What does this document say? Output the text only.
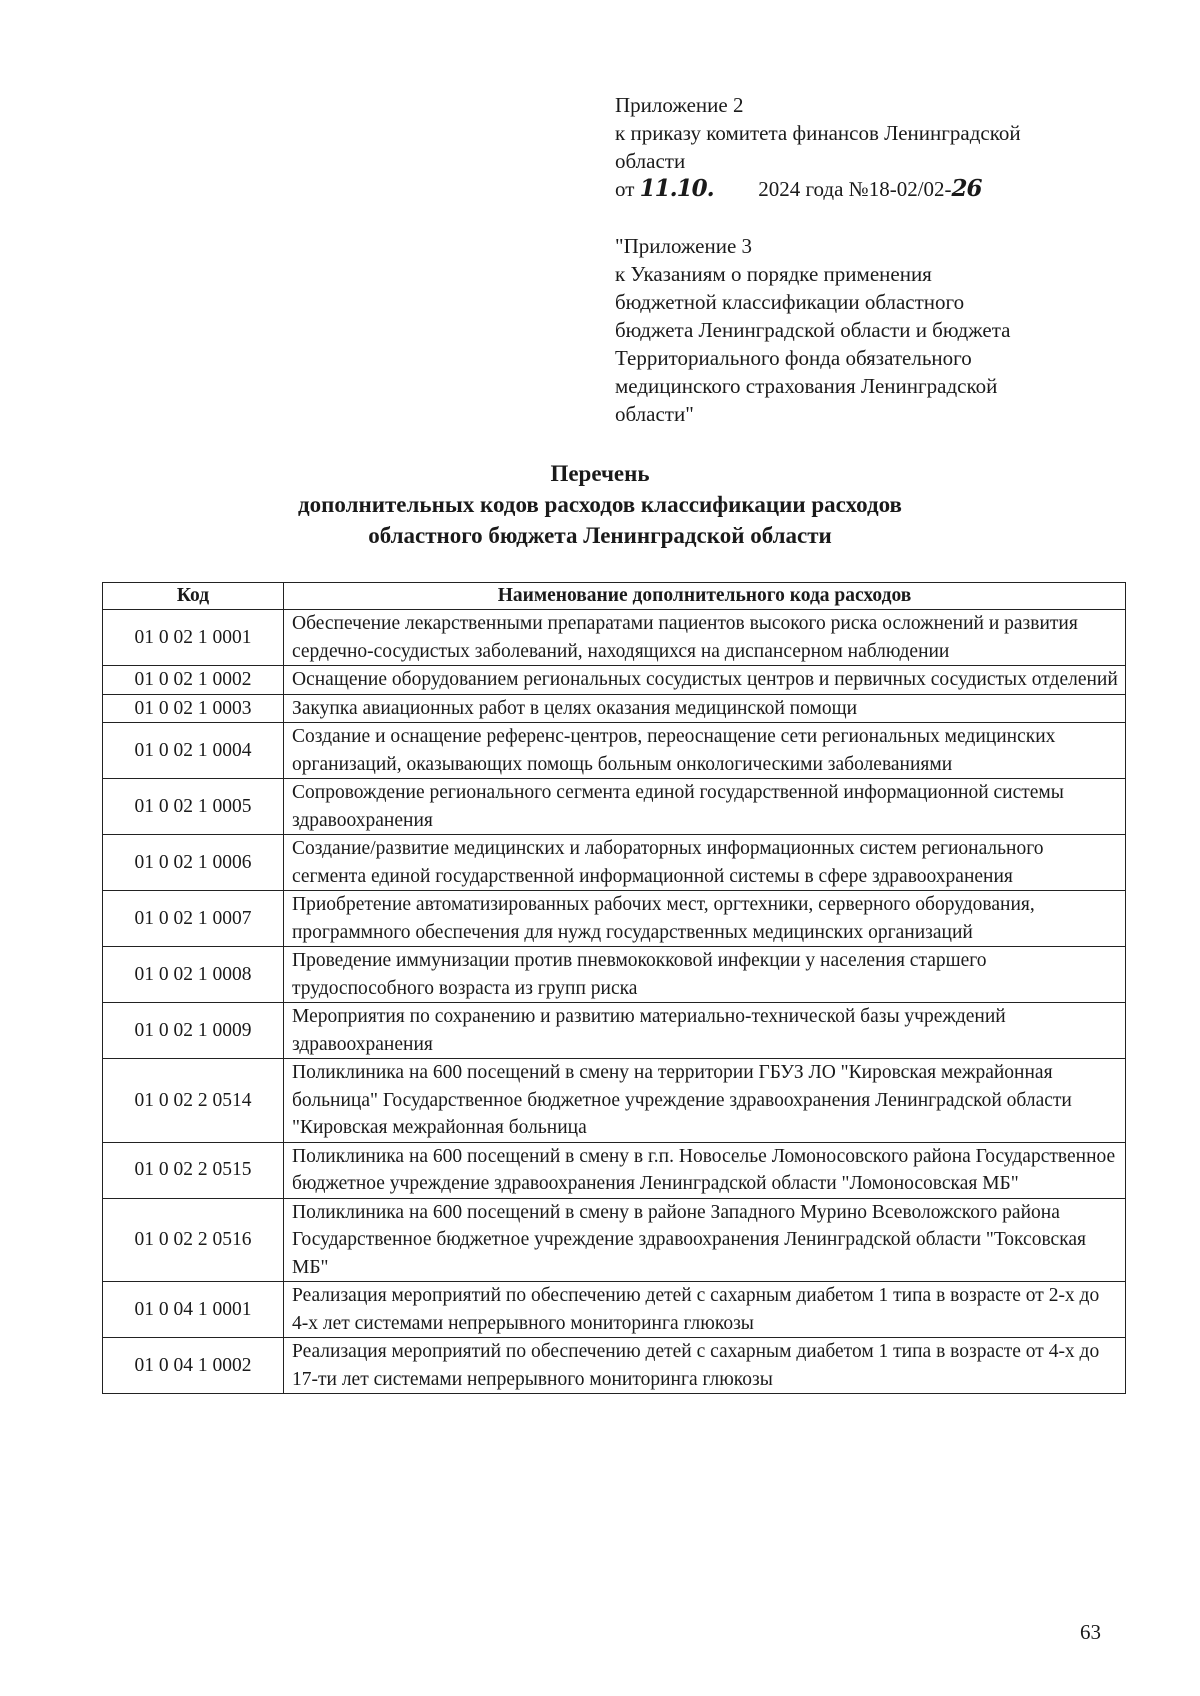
Приложение 2
к приказу комитета финансов Ленинградской
области
от 11.10. 2024 года №18-02/02-26
"Приложение 3
к Указаниям о порядке применения
бюджетной классификации областного
бюджета Ленинградской области и бюджета
Территориального фонда обязательного
медицинского страхования Ленинградской
области"
Перечень
дополнительных кодов расходов классификации расходов
областного бюджета Ленинградской области
Код	Наименование дополнительного кода расходов
01 0 02 1 0001	Обеспечение лекарственными препаратами пациентов высокого риска осложнений и развития сердечно-сосудистых заболеваний, находящихся на диспансерном наблюдении
01 0 02 1 0002	Оснащение оборудованием региональных сосудистых центров и первичных сосудистых отделений
01 0 02 1 0003	Закупка авиационных работ в целях оказания медицинской помощи
01 0 02 1 0004	Создание и оснащение референс-центров, переоснащение сети региональных медицинских организаций, оказывающих помощь больным онкологическими заболеваниями
01 0 02 1 0005	Сопровождение регионального сегмента единой государственной информационной системы здравоохранения
01 0 02 1 0006	Создание/развитие медицинских и лабораторных информационных систем регионального сегмента единой государственной информационной системы в сфере здравоохранения
01 0 02 1 0007	Приобретение автоматизированных рабочих мест, оргтехники, серверного оборудования, программного обеспечения для нужд государственных медицинских организаций
01 0 02 1 0008	Проведение иммунизации против пневмококковой инфекции у населения старшего трудоспособного возраста из групп риска
01 0 02 1 0009	Мероприятия по сохранению и развитию материально-технической базы учреждений здравоохранения
01 0 02 2 0514	Поликлиника на 600 посещений в смену на территории ГБУЗ ЛО "Кировская межрайонная больница" Государственное бюджетное учреждение здравоохранения Ленинградской области "Кировская межрайонная больница
01 0 02 2 0515	Поликлиника на 600 посещений в смену в г.п. Новоселье Ломоносовского района Государственное бюджетное учреждение здравоохранения Ленинградской области "Ломоносовская МБ"
01 0 02 2 0516	Поликлиника на 600 посещений в смену в районе Западного Мурино Всеволожского района Государственное бюджетное учреждение здравоохранения Ленинградской области "Токсовская МБ"
01 0 04 1 0001	Реализация мероприятий по обеспечению детей с сахарным диабетом 1 типа в возрасте от 2-х до 4-х лет системами непрерывного мониторинга глюкозы
01 0 04 1 0002	Реализация мероприятий по обеспечению детей с сахарным диабетом 1 типа в возрасте от 4-х до 17-ти лет системами непрерывного мониторинга глюкозы
63
